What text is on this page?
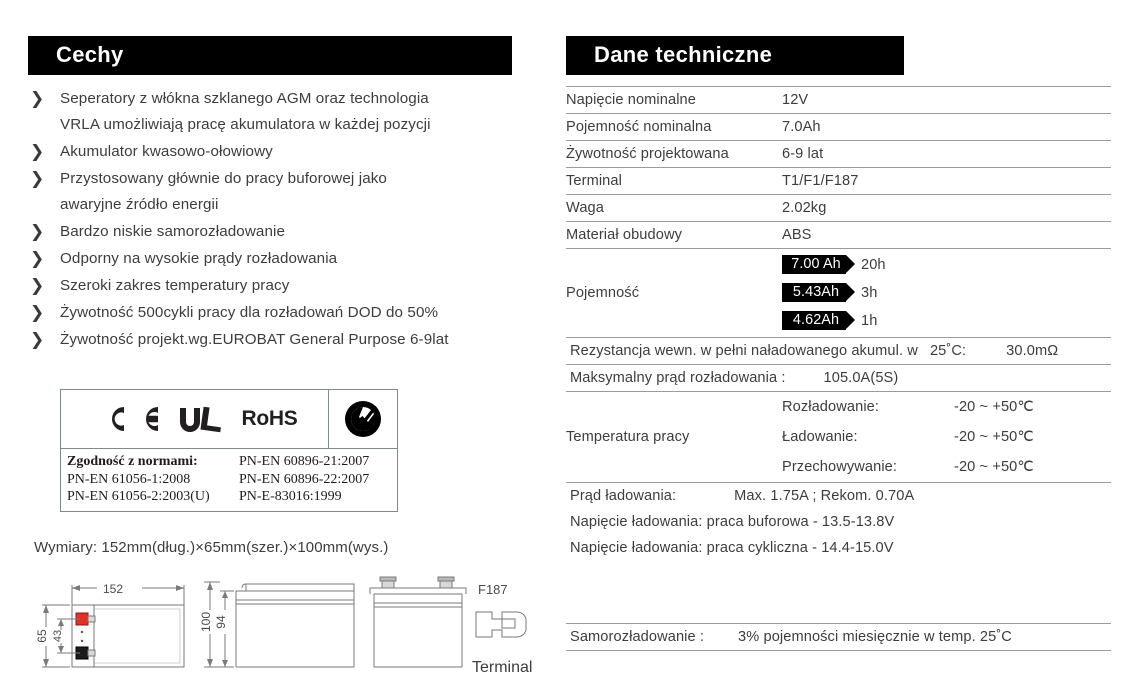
Cechy
❯	Seperatory z włókna szklanego AGM oraz technologia
VRLA umożliwiają pracę akumulatora w każdej pozycji
❯	Akumulator kwasowo-ołowiowy
❯	Przystosowany głównie do pracy buforowej jako
awaryjne źródło energii
❯	Bardzo niskie samorozładowanie
❯	Odporny na wysokie prądy rozładowania
❯	Szeroki zakres temperatury pracy
❯	Żywotność 500cykli pracy dla rozładowań DOD do 50%
❯	Żywotność projekt.wg.EUROBAT General Purpose 6-9lat
RoHS
Zgodność z normami:	PN-EN 60896-21:2007
PN-EN 61056-1:2008	PN-EN 60896-22:2007
PN-EN 61056-2:2003(U)	PN-E-83016:1999
Wymiary: 152mm(dług.)×65mm(szer.)×100mm(wys.)
152
65 43
100 94
F187
Terminal
Dane techniczne
Napięcie nominalne	12V
Pojemność nominalna	7.0Ah
Żywotność projektowana	6-9 lat
Terminal	T1/F1/F187
Waga	2.02kg
Materiał obudowy	ABS
Pojemność	
7.00 Ah	20h
5.43Ah	3h
4.62Ah	1h

Rezystancja wewn. w pełni naładowanego akumul. w 25˚C: 30.0mΩ	

Maksymalny prąd rozładowania : 105.0A(5S)	

Temperatura pracy	
Rozładowanie:	-20 ~ +50℃
Ładowanie:	-20 ~ +50℃
Przechowywanie:	-20 ~ +50℃

Prąd ładowania: Max. 1.75A ; Rekom. 0.70A	

Napięcie ładowania: praca buforowa - 13.5-13.8V	
Napięcie ładowania: praca cykliczna - 14.4-15.0V	

Samorozładowanie : 3% pojemności miesięcznie w temp. 25˚C	
